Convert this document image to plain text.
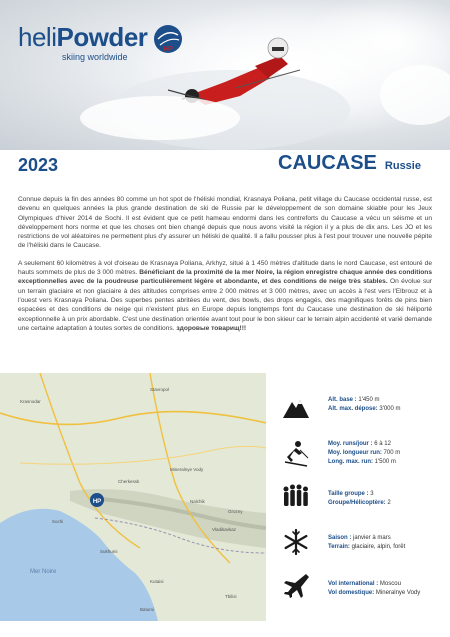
heliPowder
skiing worldwide
HP
2023	CAUCASE Russie

Connue depuis la fin des années 80 comme un hot spot de l'héliski mondial, Krasnaya Poliana, petit village du Caucase occidental russe, est devenu en quelques années la plus grande destination de ski de Russie par le développement de son domaine skiable pour les Jeux Olympiques d'hiver 2014 de Sochi. Il est évident que ce petit hameau endormi dans les contreforts du Caucase a vécu un séisme et un développement hors norme et que les choses ont bien changé depuis que nous avons visité la région il y a plus de dix ans. Les JO et les restrictions de vol aléatoires ne permettent plus d'y assurer un héliski de qualité. Il a fallu pousser plus à l'est pour trouver une nouvelle pépite de l'héliski dans le Caucase.

A seulement 60 kilomètres à vol d'oiseau de Krasnaya Poliana, Arkhyz, situé à 1 450 mètres d'altitude dans le nord Caucase, est entouré de hauts sommets de plus de 3 000 mètres. Bénéficiant de la proximité de la mer Noire, la région enregistre chaque année des conditions exceptionnelles avec de la poudreuse particulièrement légère et abondante, et des conditions de neige très stables. On évolue sur un terrain glaciaire et non glaciaire à des altitudes comprises entre 2 000 mètres et 3 000 mètres, avec un accès à l'est vers l'Elbrouz et à l'ouest vers Krasnaya Poliana. Des superbes pentes abritées du vent, des bowls, des drops engagés, des magnifiques forêts de pins bien espacées et des conditions de neige qui n'existent plus en Europe depuis longtemps font du Caucase une destination de ski héliporté exceptionnelle à un prix abordable. C'est une destination orientée avant tout pour le bon skieur car le terrain alpin accidenté et varié demande une certaine adaptation à toutes sortes de conditions. здоровые товарищ!!!

HP
Stavropol
Mineralnye Vody
Cherkessk
Nalchik
Krasnodar
Sochi
Sukhumi
Kutaisi
Tbilisi
Batumi
Grozny
Vladikavkaz
Mer Noire
Alt. base : 1'450 m
Alt. max. dépose: 3'000 m
Moy. runs/jour : 6 à 12
Moy. longueur run: 700 m
Long. max. run: 1'500 m
Taille groupe : 3
Groupe/Hélicoptère: 2
Saison : janvier à mars
Terrain: glaciaire, alpin, forêt
Vol international : Moscou
Vol domestique: Mineralnye Vody
